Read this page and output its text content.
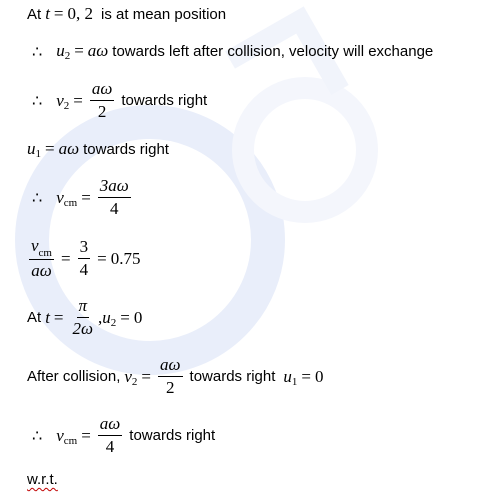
At t = 0, 2 is at mean position
∴ u 2 = aω towards left after collision, velocity will exchange
∴ v $2 = \frac{a\omega}{2}$ towards right
u 1 = aω towards right
∴ v cm = $\frac{3a\omega}{4}$
$\frac{v_{cm}}{a\omega} = \frac{3}{4} = 0.75$
At $t = \frac{\pi}{2\omega}$ , u 2 = 0
After collision, v $2 = \frac{a\omega}{2}$ towards right u 1 = 0
∴ v cm = $\frac{a\omega}{4}$ towards right
w.r.t.
